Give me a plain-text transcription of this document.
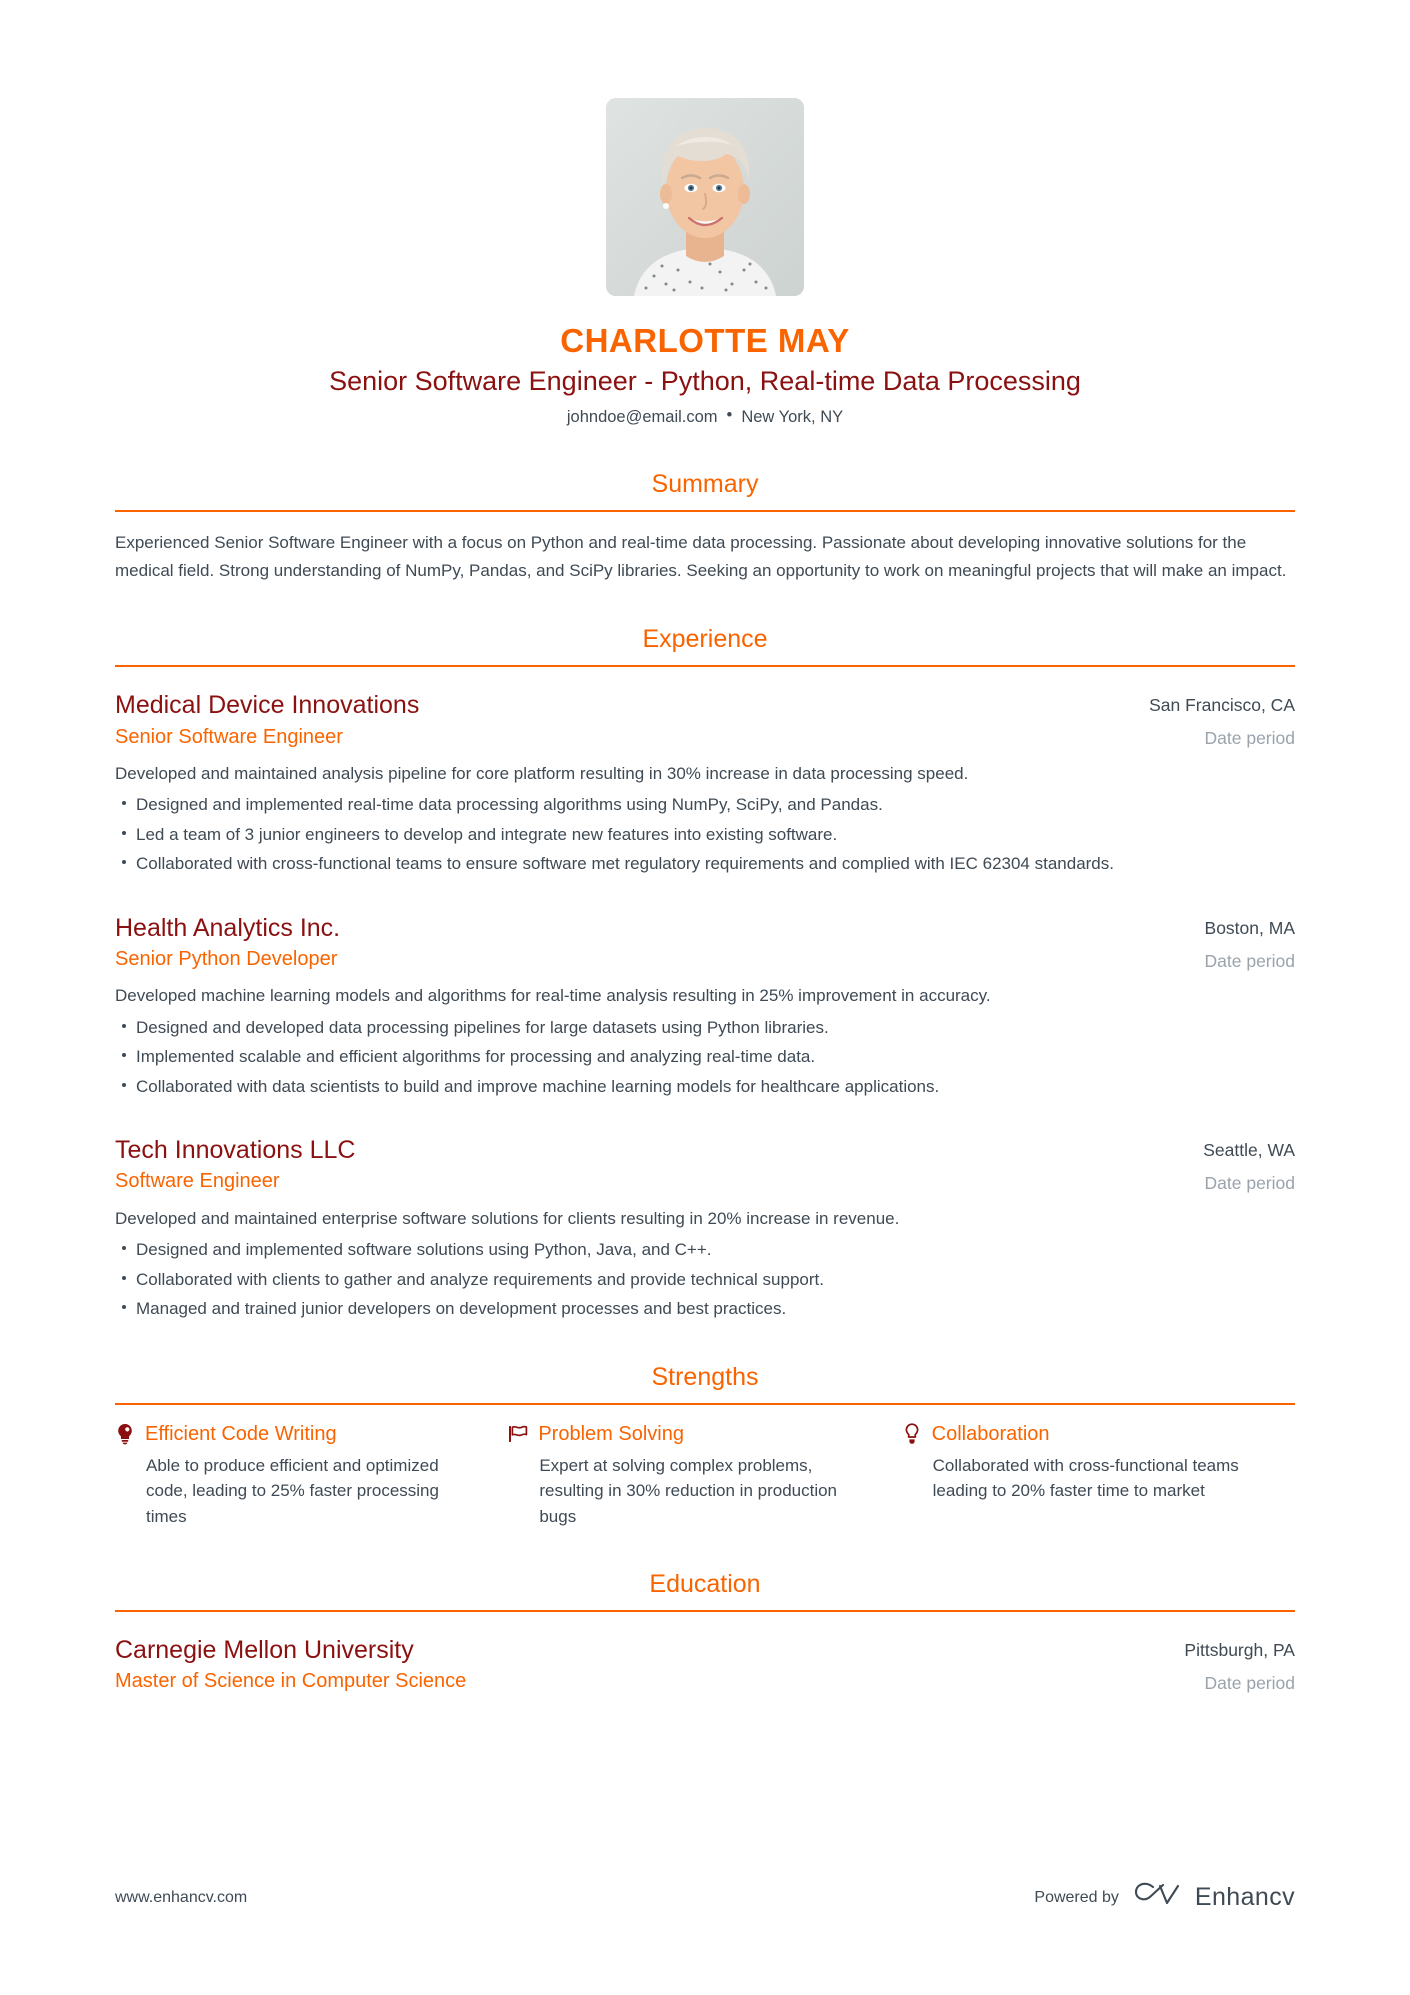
CHARLOTTE MAY
Senior Software Engineer - Python, Real-time Data Processing
johndoe@email.com • New York, NY
Summary
Experienced Senior Software Engineer with a focus on Python and real-time data processing. Passionate about developing innovative solutions for the medical field. Strong understanding of NumPy, Pandas, and SciPy libraries. Seeking an opportunity to work on meaningful projects that will make an impact.
Experience
Medical Device Innovations
Senior Software Engineer
San Francisco, CA
Date period
Developed and maintained analysis pipeline for core platform resulting in 30% increase in data processing speed.
Designed and implemented real-time data processing algorithms using NumPy, SciPy, and Pandas.
Led a team of 3 junior engineers to develop and integrate new features into existing software.
Collaborated with cross-functional teams to ensure software met regulatory requirements and complied with IEC 62304 standards.
Health Analytics Inc.
Senior Python Developer
Boston, MA
Date period
Developed machine learning models and algorithms for real-time analysis resulting in 25% improvement in accuracy.
Designed and developed data processing pipelines for large datasets using Python libraries.
Implemented scalable and efficient algorithms for processing and analyzing real-time data.
Collaborated with data scientists to build and improve machine learning models for healthcare applications.
Tech Innovations LLC
Software Engineer
Seattle, WA
Date period
Developed and maintained enterprise software solutions for clients resulting in 20% increase in revenue.
Designed and implemented software solutions using Python, Java, and C++.
Collaborated with clients to gather and analyze requirements and provide technical support.
Managed and trained junior developers on development processes and best practices.
Strengths
Efficient Code Writing
Able to produce efficient and optimized code, leading to 25% faster processing times
Problem Solving
Expert at solving complex problems, resulting in 30% reduction in production bugs
Collaboration
Collaborated with cross-functional teams leading to 20% faster time to market
Education
Carnegie Mellon University
Master of Science in Computer Science
Pittsburgh, PA
Date period
www.enhancv.com	Powered by	Enhancv
